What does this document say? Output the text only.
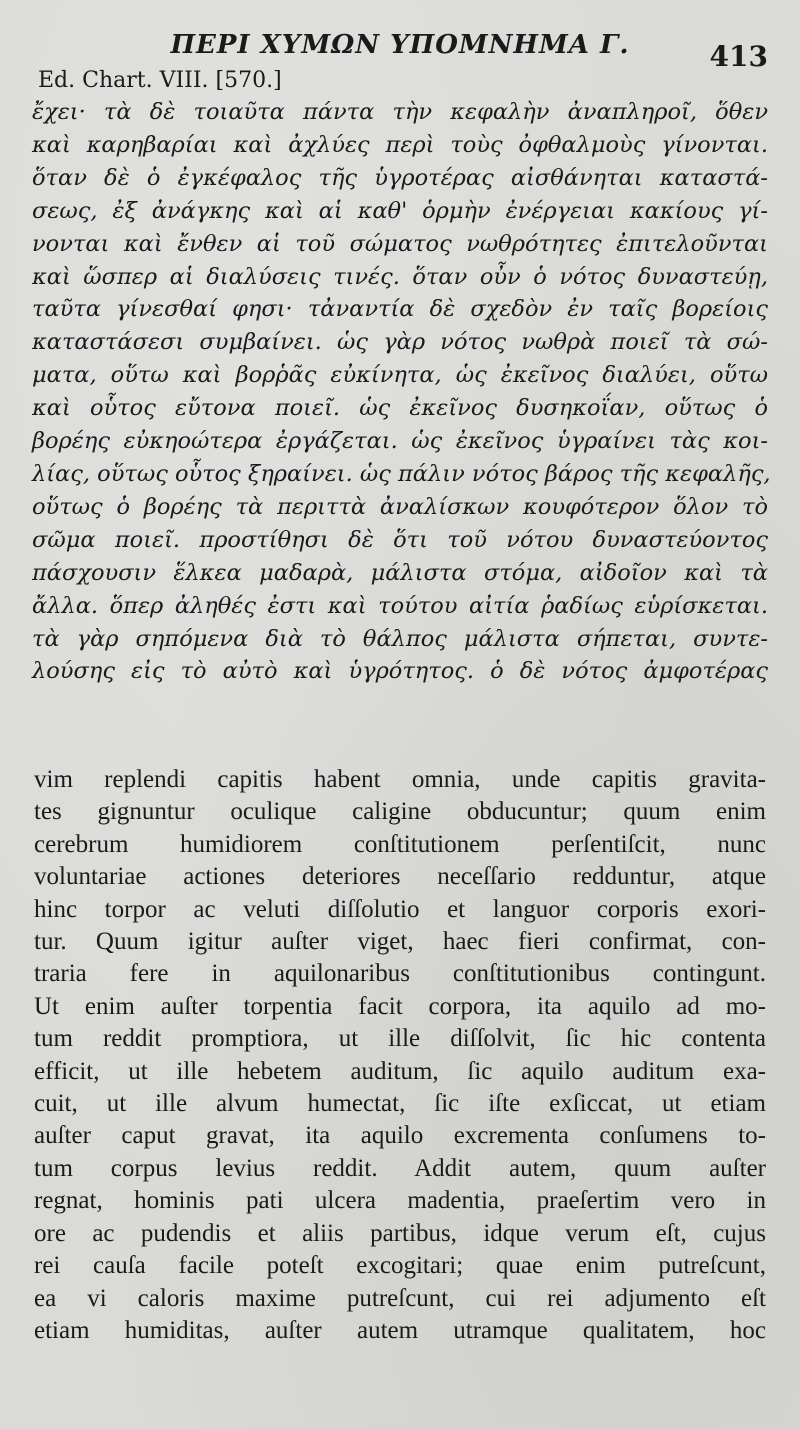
ΠΕΡΙ ΧΥΜΩΝ ΥΠΟΜΝΗΜΑ Γ.	413
Ed. Chart. VIII. [570.]
ἔχει· τὰ δὲ τοιαῦτα πάντα τὴν κεφαλὴν ἀναπληροῖ, ὅθεν
καὶ καρηβαρίαι καὶ ἀχλύες περὶ τοὺς ὀφθαλμοὺς γίνονται.
ὅταν δὲ ὁ ἐγκέφαλος τῆς ὑγροτέρας αἰσθάνηται καταστά-
σεως, ἐξ ἀνάγκης καὶ αἱ καθ' ὁρμὴν ἐνέργειαι κακίους γί-
νονται καὶ ἔνθεν αἱ τοῦ σώματος νωθρότητες ἐπιτελοῦνται
καὶ ὥσπερ αἱ διαλύσεις τινές. ὅταν οὖν ὁ νότος δυναστεύῃ,
ταῦτα γίνεσθαί φησι· τἀναντία δὲ σχεδὸν ἐν ταῖς βορείοις
καταστάσεσι συμβαίνει. ὡς γὰρ νότος νωθρὰ ποιεῖ τὰ σώ-
ματα, οὕτω καὶ βορῥᾶς εὐκίνητα, ὡς ἐκεῖνος διαλύει, οὕτω
καὶ οὗτος εὔτονα ποιεῖ. ὡς ἐκεῖνος δυσηκοΐαν, οὕτως ὁ
βορέης εὐκηοώτερα ἐργάζεται. ὡς ἐκεῖνος ὑγραίνει τὰς κοι-
λίας, οὕτως οὗτος ξηραίνει. ὡς πάλιν νότος βάρος τῆς κεφαλῆς,
οὕτως ὁ βορέης τὰ περιττὰ ἀναλίσκων κουφότερον ὅλον τὸ
σῶμα ποιεῖ. προστίθησι δὲ ὅτι τοῦ νότου δυναστεύοντος
πάσχουσιν ἕλκεα μαδαρὰ, μάλιστα στόμα, αἰδοῖον καὶ τὰ
ἄλλα. ὅπερ ἀληθές ἐστι καὶ τούτου αἰτία ῥαδίως εὑρίσκεται.
τὰ γὰρ σηπόμενα διὰ τὸ θάλπος μάλιστα σήπεται, συντε-
λούσης εἰς τὸ αὐτὸ καὶ ὑγρότητος. ὁ δὲ νότος ἀμφοτέρας
vim replendi capitis habent omnia, unde capitis gravita-
tes gignuntur oculique caligine obducuntur; quum enim
cerebrum humidiorem conſtitutionem perſentiſcit, nunc
voluntariae actiones deteriores neceſſario redduntur, atque
hinc torpor ac veluti diſſolutio et languor corporis exori-
tur. Quum igitur auſter viget, haec fieri confirmat, con-
traria fere in aquilonaribus conſtitutionibus contingunt.
Ut enim auſter torpentia facit corpora, ita aquilo ad mo-
tum reddit promptiora, ut ille diſſolvit, ſic hic contenta
efficit, ut ille hebetem auditum, ſic aquilo auditum exa-
cuit, ut ille alvum humectat, ſic iſte exſiccat, ut etiam
auſter caput gravat, ita aquilo excrementa conſumens to-
tum corpus levius reddit. Addit autem, quum auſter
regnat, hominis pati ulcera madentia, praeſertim vero in
ore ac pudendis et aliis partibus, idque verum eſt, cujus
rei cauſa facile poteſt excogitari; quae enim putreſcunt,
ea vi caloris maxime putreſcunt, cui rei adjumento eſt
etiam humiditas, auſter autem utramque qualitatem, hoc
